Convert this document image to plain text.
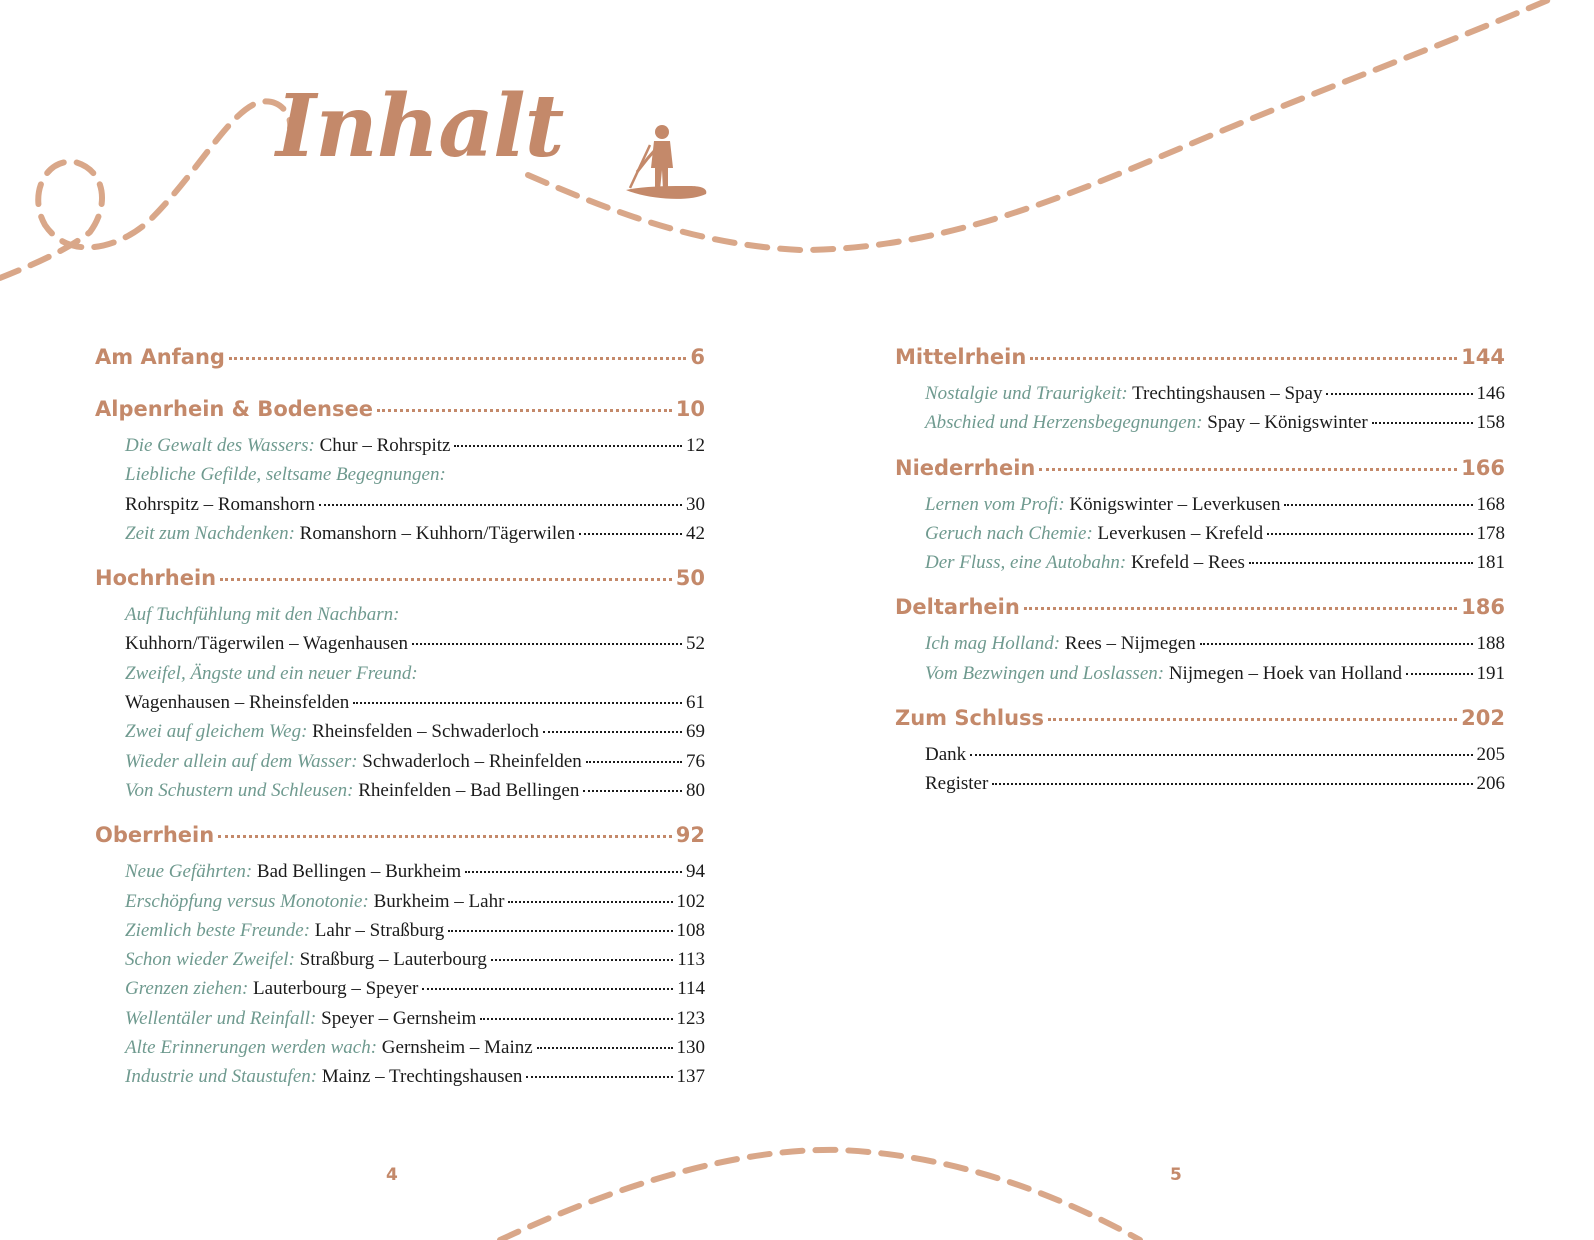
Inhalt
Am Anfang	6
Alpenrhein & Bodensee	10
Die Gewalt des Wassers: Chur – Rohrspitz	12
Liebliche Gefilde, seltsame Begegnungen:
Rohrspitz – Romanshorn	30
Zeit zum Nachdenken: Romanshorn – Kuhhorn/Tägerwilen	42
Hochrhein	50
Auf Tuchfühlung mit den Nachbarn:
Kuhhorn/Tägerwilen – Wagenhausen	52
Zweifel, Ängste und ein neuer Freund:
Wagenhausen – Rheinsfelden	61
Zwei auf gleichem Weg: Rheinsfelden – Schwaderloch	69
Wieder allein auf dem Wasser: Schwaderloch – Rheinfelden	76
Von Schustern und Schleusen: Rheinfelden – Bad Bellingen	80
Oberrhein	92
Neue Gefährten: Bad Bellingen – Burkheim	94
Erschöpfung versus Monotonie: Burkheim – Lahr	102
Ziemlich beste Freunde: Lahr – Straßburg	108
Schon wieder Zweifel: Straßburg – Lauterbourg	113
Grenzen ziehen: Lauterbourg – Speyer	114
Wellentäler und Reinfall: Speyer – Gernsheim	123
Alte Erinnerungen werden wach: Gernsheim – Mainz	130
Industrie und Staustufen: Mainz – Trechtingshausen	137
Mittelrhein	144
Nostalgie und Traurigkeit: Trechtingshausen – Spay	146
Abschied und Herzensbegegnungen: Spay – Königswinter	158
Niederrhein	166
Lernen vom Profi: Königswinter – Leverkusen	168
Geruch nach Chemie: Leverkusen – Krefeld	178
Der Fluss, eine Autobahn: Krefeld – Rees	181
Deltarhein	186
Ich mag Holland: Rees – Nijmegen	188
Vom Bezwingen und Loslassen: Nijmegen – Hoek van Holland	191
Zum Schluss	202
Dank	205
Register	206
4	5
